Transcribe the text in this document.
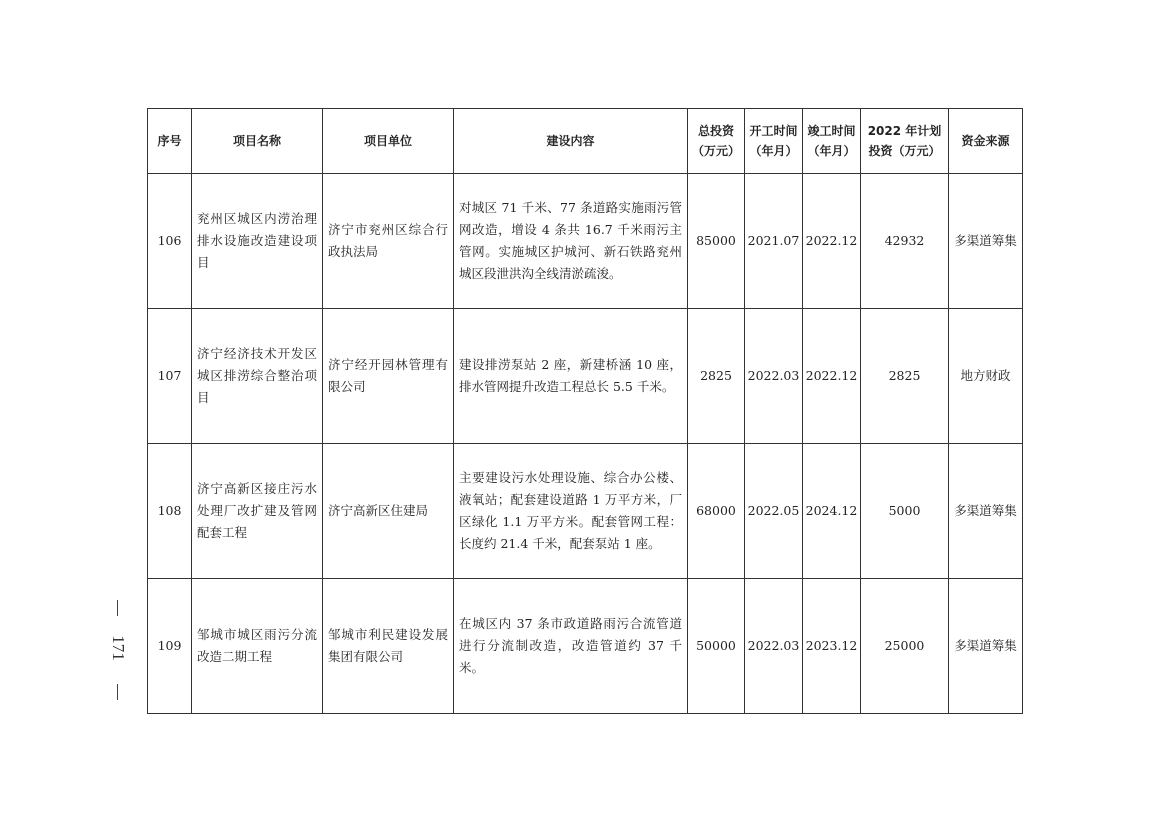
序号	项目名称	项目单位	建设内容	总投资（万元）	开工时间（年月）	竣工时间（年月）	2022 年计划投资（万元）	资金来源
106	兖州区城区内涝治理排水设施改造建设项目	济宁市兖州区综合行政执法局	对城区 71 千米、77 条道路实施雨污管网改造，增设 4 条共 16.7 千米雨污主管网。实施城区护城河、新石铁路兖州城区段泄洪沟全线清淤疏浚。	85000	2021.07	2022.12	42932	多渠道筹集
107	济宁经济技术开发区城区排涝综合整治项目	济宁经开园林管理有限公司	建设排涝泵站 2 座，新建桥涵 10 座，排水管网提升改造工程总长 5.5 千米。	2825	2022.03	2022.12	2825	地方财政
108	济宁高新区接庄污水处理厂改扩建及管网配套工程	济宁高新区住建局	主要建设污水处理设施、综合办公楼、液氧站；配套建设道路 1 万平方米，厂区绿化 1.1 万平方米。配套管网工程：长度约 21.4 千米，配套泵站 1 座。	68000	2022.05	2024.12	5000	多渠道筹集
109	邹城市城区雨污分流改造二期工程	邹城市利民建设发展集团有限公司	在城区内 37 条市政道路雨污合流管道进行分流制改造，改造管道约 37 千米。	50000	2022.03	2023.12	25000	多渠道筹集
171
